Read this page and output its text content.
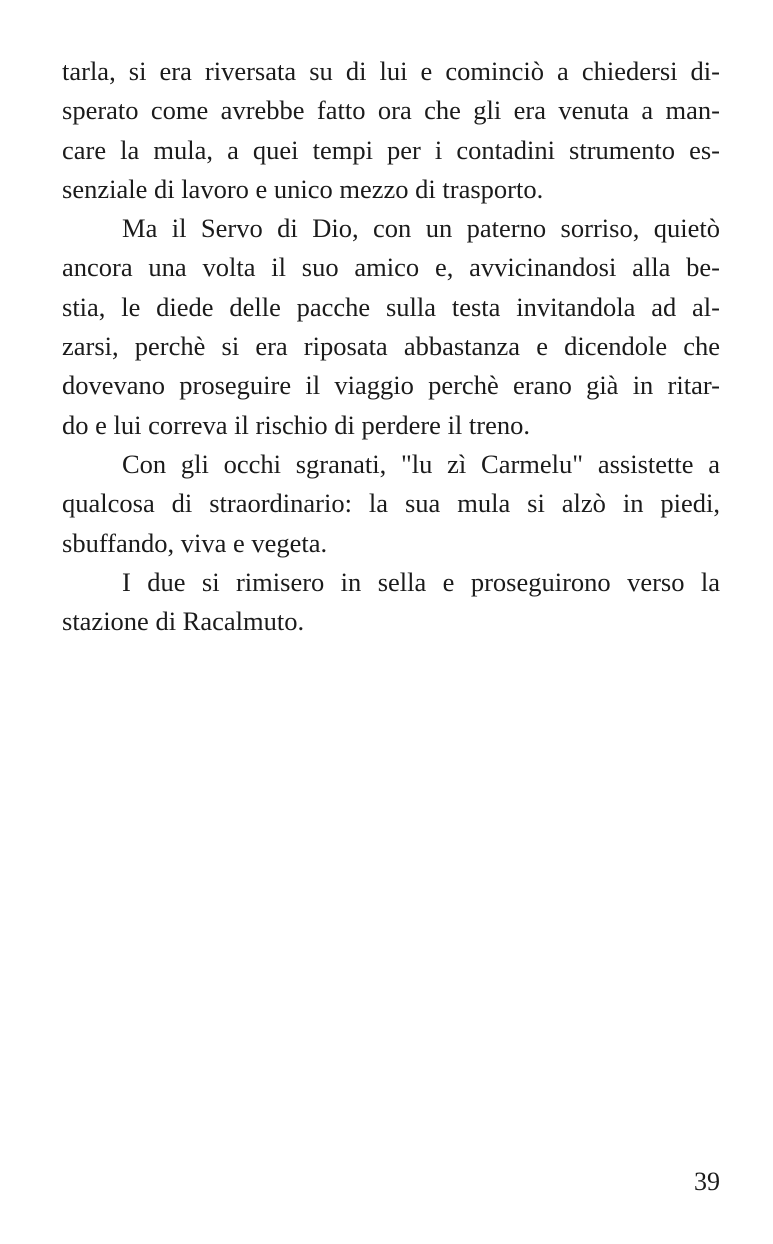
tarla, si era riversata su di lui e cominciò a chiedersi di-
sperato come avrebbe fatto ora che gli era venuta a man-
care la mula, a quei tempi per i contadini strumento es-
senziale di lavoro e unico mezzo di trasporto.
Ma il Servo di Dio, con un paterno sorriso, quietò
ancora una volta il suo amico e, avvicinandosi alla be-
stia, le diede delle pacche sulla testa invitandola ad al-
zarsi, perchè si era riposata abbastanza e dicendole che
dovevano proseguire il viaggio perchè erano già in ritar-
do e lui correva il rischio di perdere il treno.
Con gli occhi sgranati, "lu zì Carmelu" assistette a
qualcosa di straordinario: la sua mula si alzò in piedi,
sbuffando, viva e vegeta.
I due si rimisero in sella e proseguirono verso la
stazione di Racalmuto.
39
